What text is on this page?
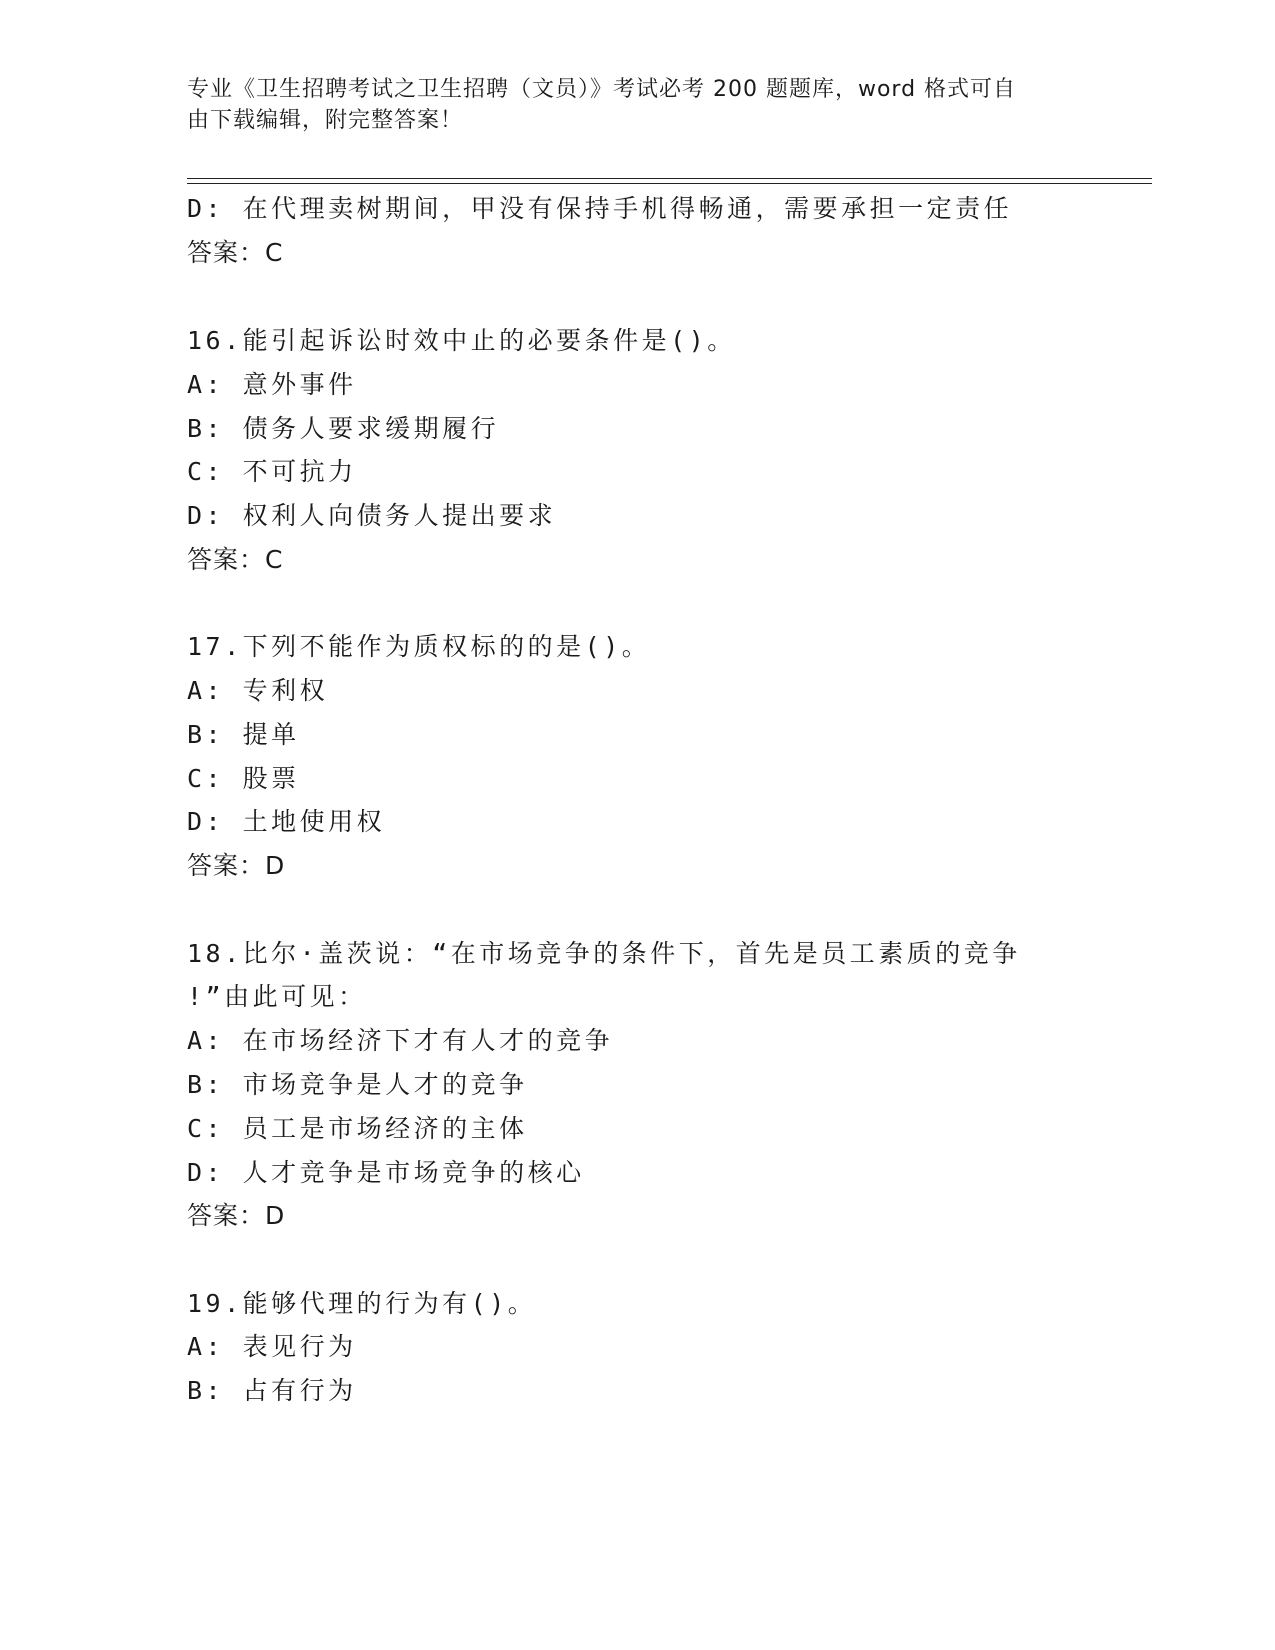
专业《卫生招聘考试之卫生招聘（文员）》考试必考 200 题题库，word 格式可自
由下载编辑，附完整答案！
D: 在代理卖树期间，甲没有保持手机得畅通，需要承担一定责任
答案：C
16.能引起诉讼时效中止的必要条件是()。
A: 意外事件
B: 债务人要求缓期履行
C: 不可抗力
D: 权利人向债务人提出要求
答案：C
17.下列不能作为质权标的的是()。
A: 专利权
B: 提单
C: 股票
D: 土地使用权
答案：D
18.比尔·盖茨说：“在市场竞争的条件下，首先是员工素质的竞争
!”由此可见：
A: 在市场经济下才有人才的竞争
B: 市场竞争是人才的竞争
C: 员工是市场经济的主体
D: 人才竞争是市场竞争的核心
答案：D
19.能够代理的行为有()。
A: 表见行为
B: 占有行为
